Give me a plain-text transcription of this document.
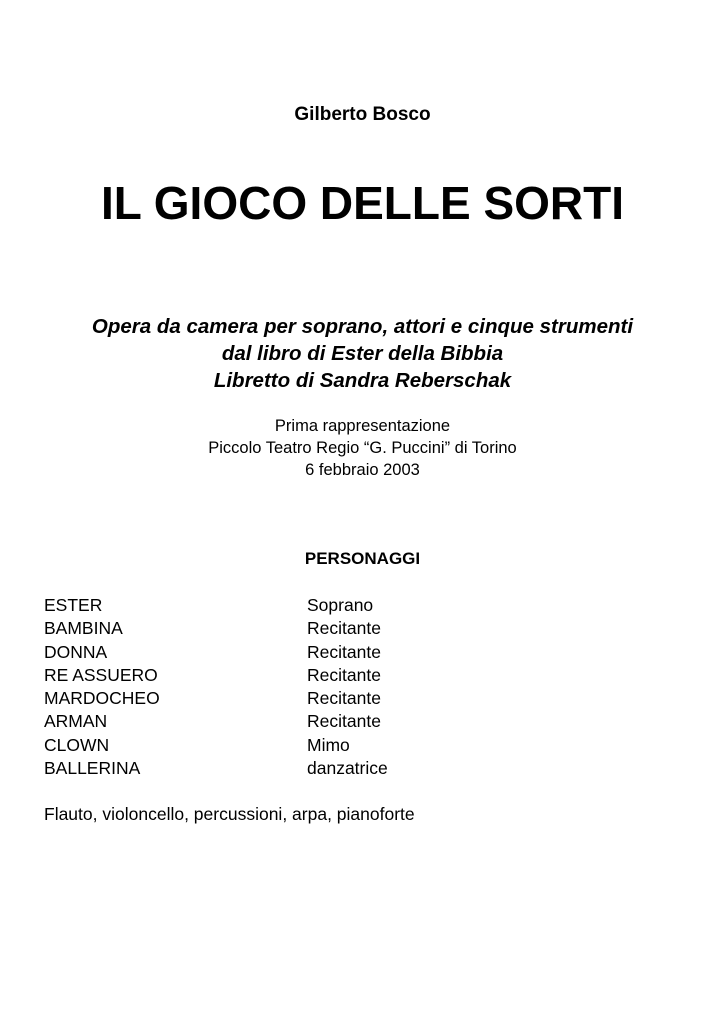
Gilberto Bosco
IL GIOCO DELLE SORTI
Opera da camera per soprano, attori e cinque strumenti
dal libro di Ester della Bibbia
Libretto di Sandra Reberschak
Prima rappresentazione
Piccolo Teatro Regio “G. Puccini” di Torino
6 febbraio 2003
PERSONAGGI
ESTER	Soprano
BAMBINA	Recitante
DONNA	Recitante
RE ASSUERO	Recitante
MARDOCHEO	Recitante
ARMAN	Recitante
CLOWN	Mimo
BALLERINA	danzatrice
Flauto, violoncello, percussioni, arpa, pianoforte
